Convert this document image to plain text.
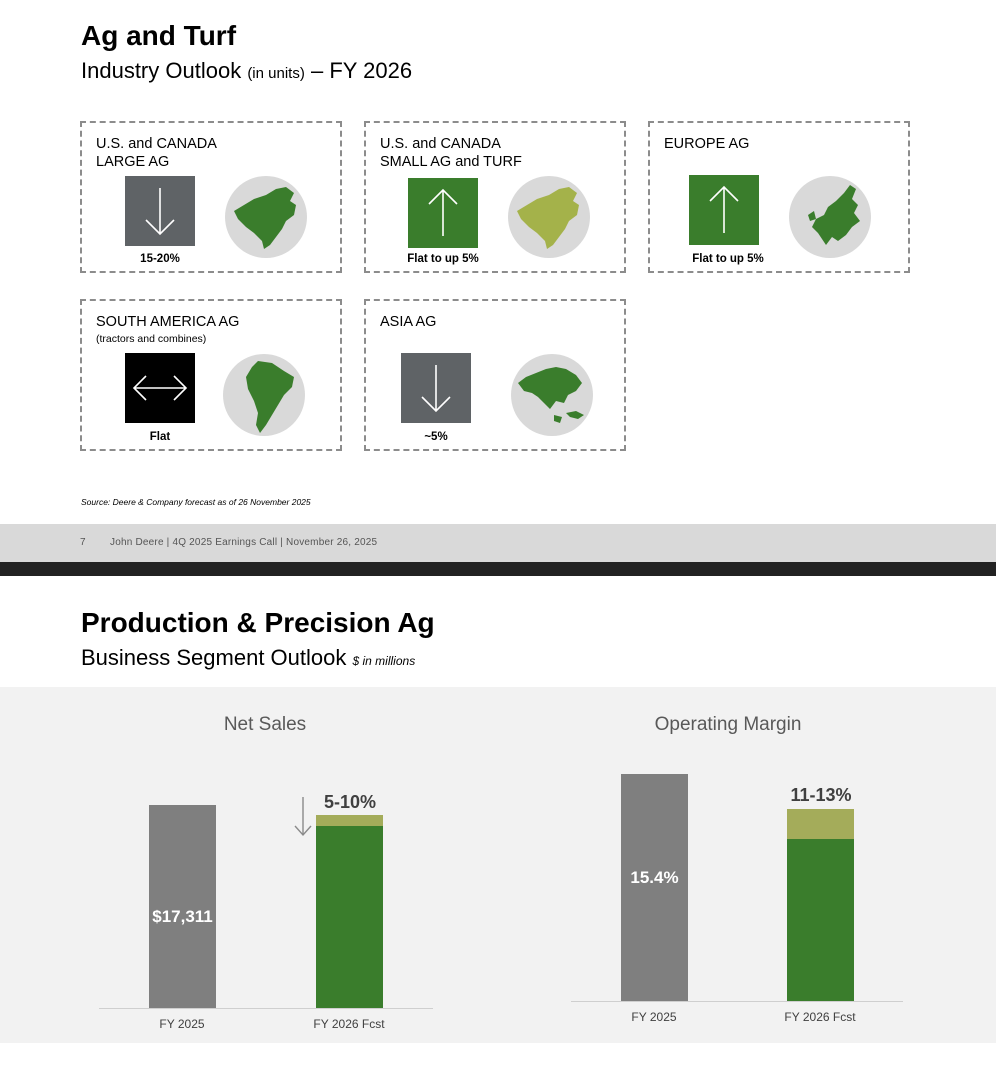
Ag and Turf
Industry Outlook (in units) – FY 2026
U.S. and CANADA
LARGE AG
15-20%
U.S. and CANADA
SMALL AG and TURF
Flat to up 5%
EUROPE AG
Flat to up 5%
SOUTH AMERICA AG
(tractors and combines)
Flat
ASIA AG
~5%
Source: Deere & Company forecast as of 26 November 2025
7 John Deere | 4Q 2025 Earnings Call | November 26, 2025
Production & Precision Ag
Business Segment Outlook $ in millions
Net Sales
$17,311
5-10%
FY 2025	FY 2026 Fcst
Operating Margin
15.4%
11-13%
FY 2025	FY 2026 Fcst
